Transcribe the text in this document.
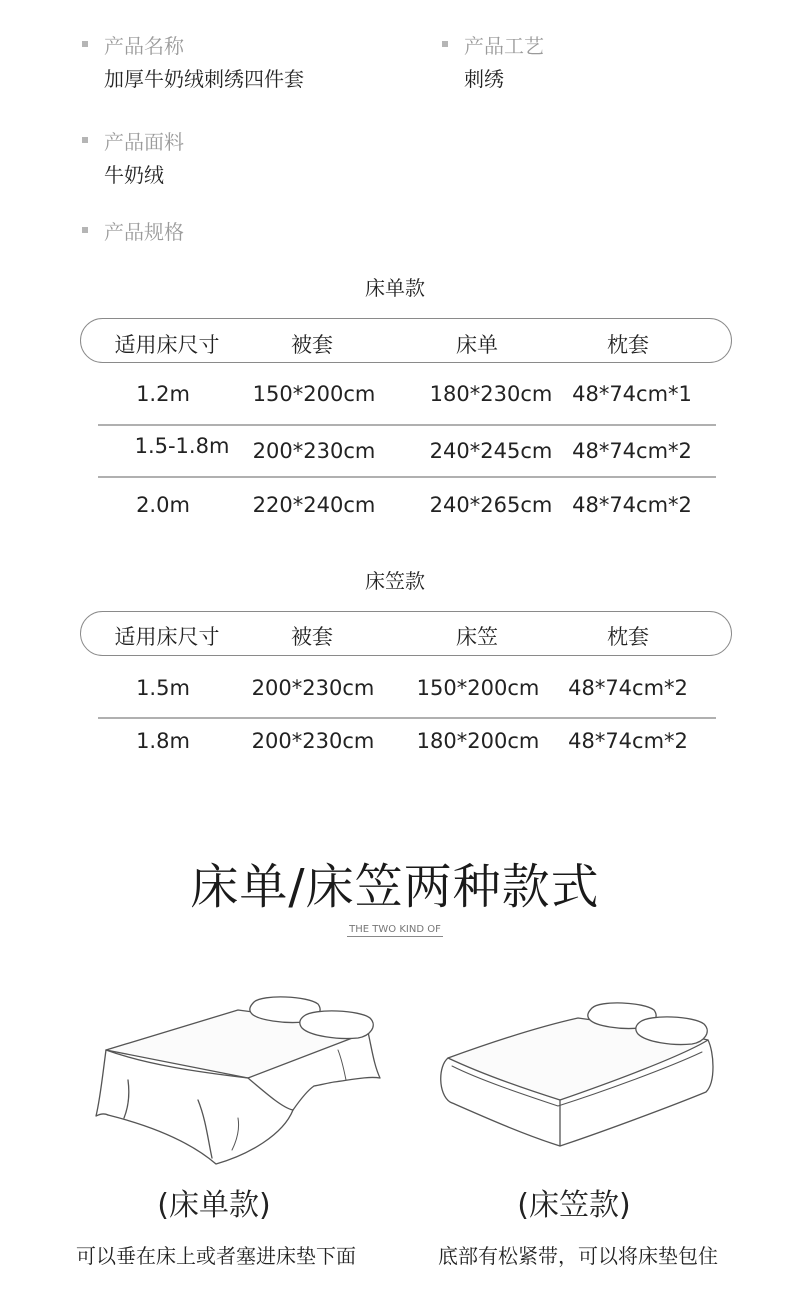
产品名称
加厚牛奶绒刺绣四件套
产品工艺
刺绣
产品面料
牛奶绒
产品规格
床单款
适用床尺寸	被套	床单	枕套
1.2m	150*200cm	180*230cm 48*74cm*1
1.5-1.8m 200*230cm	240*245cm 48*74cm*2
2.0m	220*240cm	240*265cm 48*74cm*2
床笠款
适用床尺寸	被套	床笠	枕套
1.5m	200*230cm 150*200cm 48*74cm*2
1.8m	200*230cm 180*200cm 48*74cm*2
床单/床笠两种款式
THE TWO KIND OF
(床单款)	(床笠款)
可以垂在床上或者塞进床垫下面	底部有松紧带，可以将床垫包住
